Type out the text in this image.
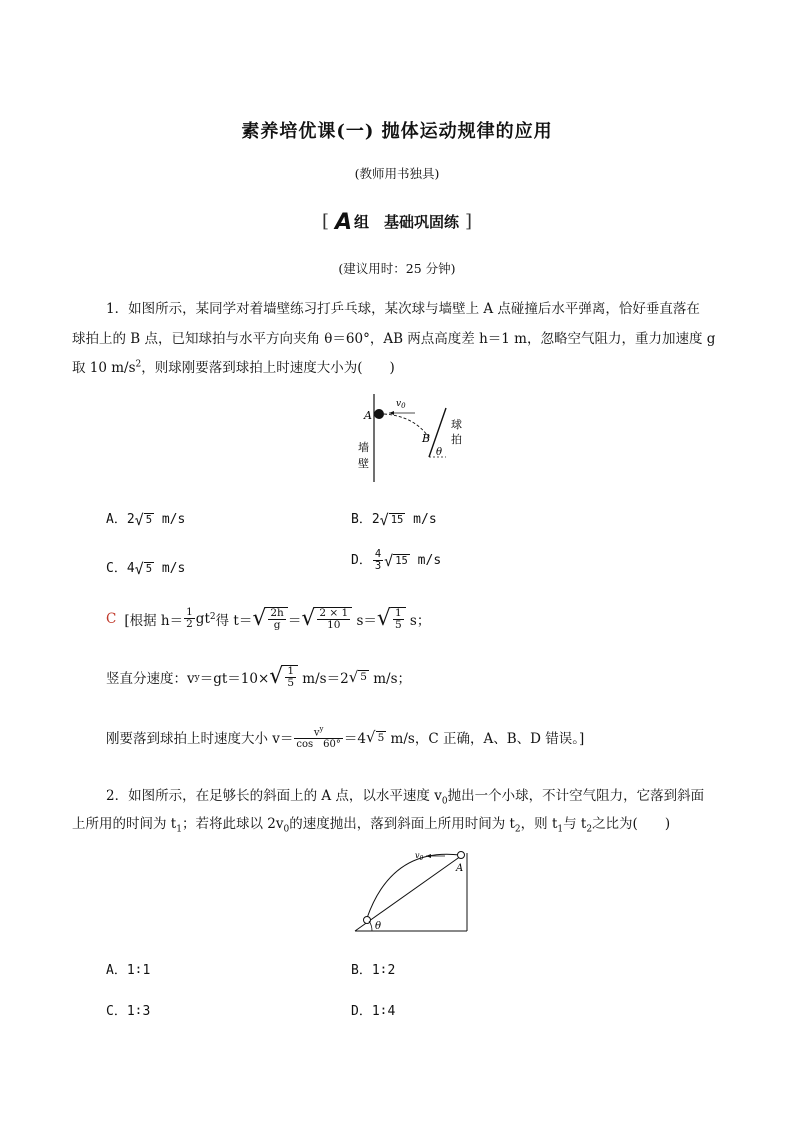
素养培优课(一) 抛体运动规律的应用
(教师用书独具)
[ A 组　基础巩固练 ]
(建议用时：25 分钟)
1．如图所示，某同学对着墙壁练习打乒乓球，某次球与墙壁上 A 点碰撞后水平弹离，恰好垂直落在
球拍上的 B 点，已知球拍与水平方向夹角 θ＝60°，AB 两点高度差 h＝1 m，忽略空气阻力，重力加速度 g
取 10 $m/s^2$，则球刚要落到球拍上时速度大小为(　　)
A
$v_0$
B
θ
墙
壁
球
拍
A．2√ 5 m/s	B．2√ 15 m/s
C．4√ 5 m/s
D． $\frac{4}{3}$ √ 15 m/s
C [根据 $h= \frac{1}{2}$ gt 2 得 t＝ √ $\frac{2h}{g}$ ＝ √ $\frac{2 \times 1}{10} s=$ √ $\frac{1}{5}$ s；
竖直分速度：v y ＝gt＝10× √ $\frac{1}{5} m/s=2$ √ 5 m/s；
刚要落到球拍上时速度大小 $v= \frac{v^y}{\cos 60^\circ} =4$ √ 5 m/s，C 正确，A、B、D 错误。]
2．如图所示，在足够长的斜面上的 A 点，以水平速度 $v_0$抛出一个小球，不计空气阻力，它落到斜面
上所用的时间为 $t_1$；若将此球以 $2v_0$的速度抛出，落到斜面上所用时间为 $t_2$，则 $t_1$与 $t_2$之比为(　　)
A
$v_0$
θ
A．1∶1	B．1∶2
C．1∶3	D．1∶4
